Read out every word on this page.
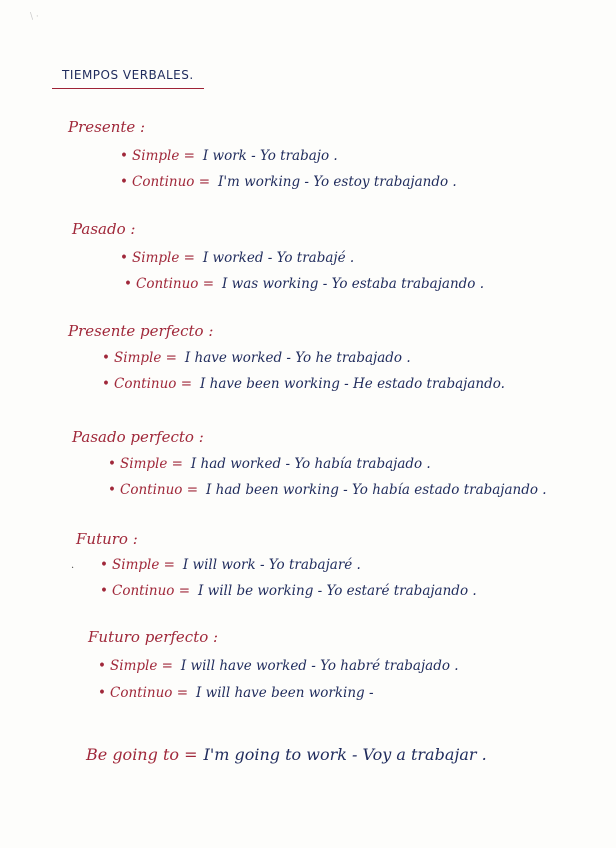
\ ·
TIEMPOS VERBALES.
Presente :
• Simple = I work - Yo trabajo .
• Continuo = I'm working - Yo estoy trabajando .
Pasado :
• Simple = I worked - Yo trabajé .
• Continuo = I was working - Yo estaba trabajando .
Presente perfecto :
• Simple = I have worked - Yo he trabajado .
• Continuo = I have been working - He estado trabajando.
Pasado perfecto :
• Simple = I had worked - Yo había trabajado .
• Continuo = I had been working - Yo había estado trabajando .
Futuro :
· • Simple = I will work - Yo trabajaré .
• Continuo = I will be working - Yo estaré trabajando .
Futuro perfecto :
• Simple = I will have worked - Yo habré trabajado .
• Continuo = I will have been working -
Be going to = I'm going to work - Voy a trabajar .
